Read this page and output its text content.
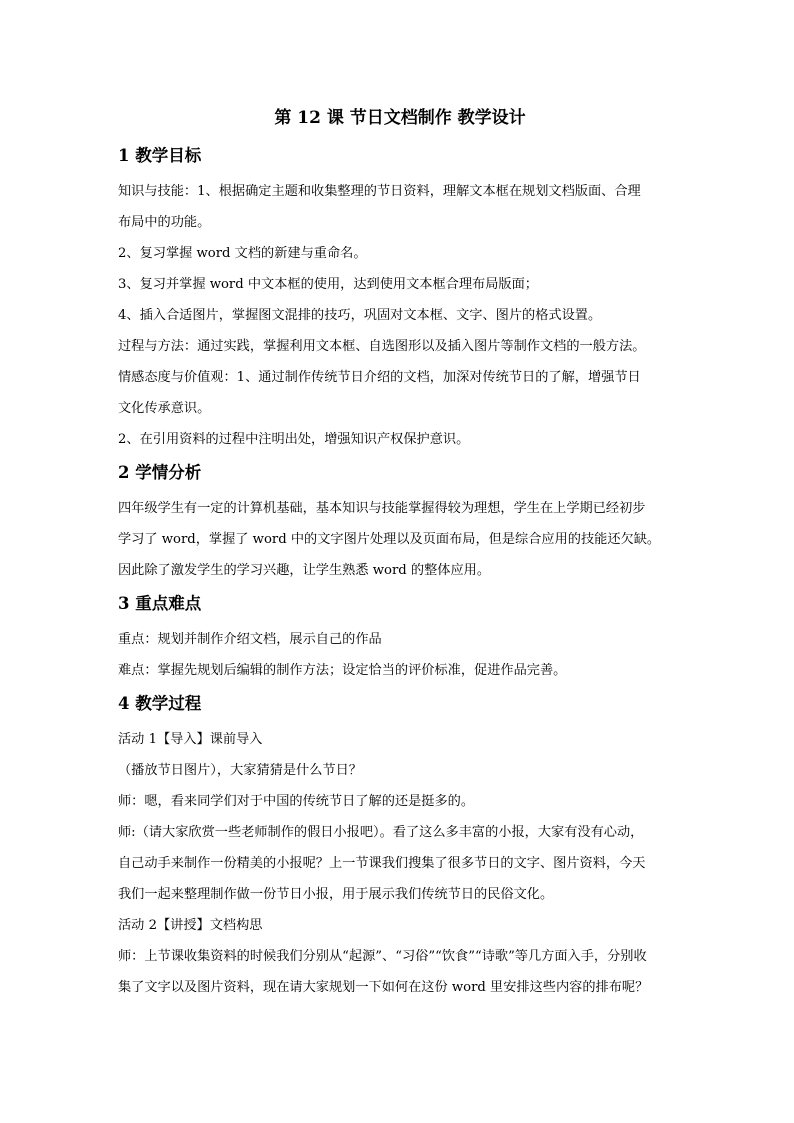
第 12 课 节日文档制作 教学设计
1 教学目标
知识与技能：1、根据确定主题和收集整理的节日资料，理解文本框在规划文档版面、合理
布局中的功能。
2、复习掌握 word 文档的新建与重命名。
3、复习并掌握 word 中文本框的使用，达到使用文本框合理布局版面；
4、插入合适图片，掌握图文混排的技巧，巩固对文本框、文字、图片的格式设置。
过程与方法：通过实践，掌握利用文本框、自选图形以及插入图片等制作文档的一般方法。
情感态度与价值观：1、通过制作传统节日介绍的文档，加深对传统节日的了解，增强节日
文化传承意识。
2、在引用资料的过程中注明出处，增强知识产权保护意识。
2 学情分析
四年级学生有一定的计算机基础，基本知识与技能掌握得较为理想，学生在上学期已经初步
学习了 word，掌握了 word 中的文字图片处理以及页面布局，但是综合应用的技能还欠缺。
因此除了激发学生的学习兴趣，让学生熟悉 word 的整体应用。
3 重点难点
重点：规划并制作介绍文档，展示自己的作品
难点：掌握先规划后编辑的制作方法；设定恰当的评价标准，促进作品完善。
4 教学过程
活动 1【导入】课前导入
（播放节日图片），大家猜猜是什么节日？
师：嗯，看来同学们对于中国的传统节日了解的还是挺多的。
师:（请大家欣赏一些老师制作的假日小报吧）。看了这么多丰富的小报，大家有没有心动，
自己动手来制作一份精美的小报呢？上一节课我们搜集了很多节日的文字、图片资料，今天
我们一起来整理制作做一份节日小报，用于展示我们传统节日的民俗文化。
活动 2【讲授】文档构思
师：上节课收集资料的时候我们分别从“起源”、“习俗”“饮食”“诗歌”等几方面入手，分别收
集了文字以及图片资料，现在请大家规划一下如何在这份 word 里安排这些内容的排布呢？
